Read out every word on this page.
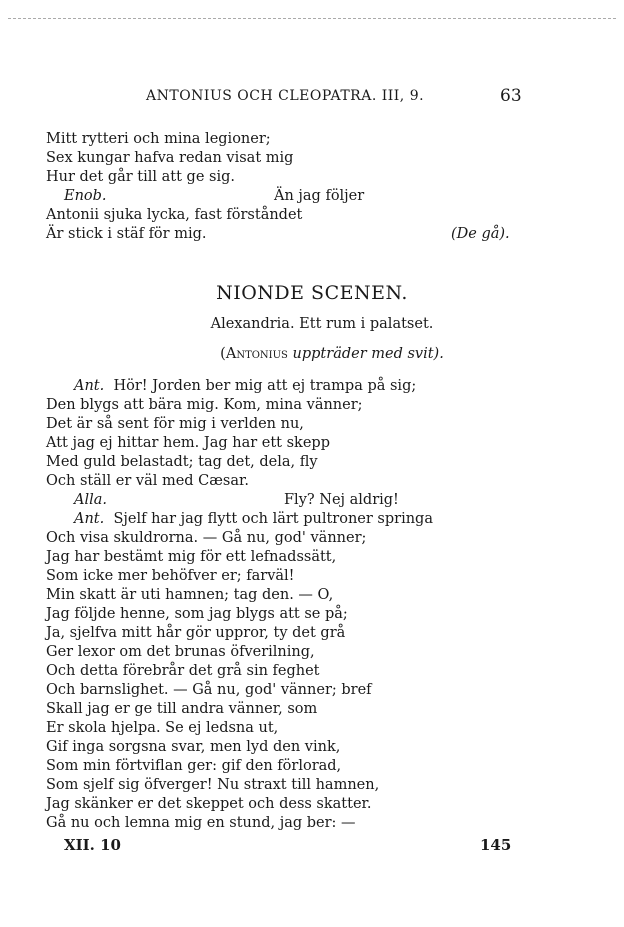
ANTONIUS OCH CLEOPATRA. III, 9.	63
Mitt rytteri och mina legioner;
Sex kungar hafva redan visat mig
Hur det går till att ge sig.
Enob.	Än jag följer
Antonii sjuka lycka, fast förståndet
Är stick i stäf för mig.	(De gå).
NIONDE SCENEN.
Alexandria. Ett rum i palatset.
(Antonius uppträder med svit).
Ant. Hör! Jorden ber mig att ej trampa på sig;
Den blygs att bära mig. Kom, mina vänner;
Det är så sent för mig i verlden nu,
Att jag ej hittar hem. Jag har ett skepp
Med guld belastadt; tag det, dela, fly
Och ställ er väl med Cæsar.
Alla.	Fly? Nej aldrig!
Ant. Sjelf har jag flytt och lärt pultroner springa
Och visa skuldrorna. — Gå nu, god' vänner;
Jag har bestämt mig för ett lefnadssätt,
Som icke mer behöfver er; farväl!
Min skatt är uti hamnen; tag den. — O,
Jag följde henne, som jag blygs att se på;
Ja, sjelfva mitt hår gör uppror, ty det grå
Ger lexor om det brunas öfverilning,
Och detta förebrår det grå sin feghet
Och barnslighet. — Gå nu, god' vänner; bref
Skall jag er ge till andra vänner, som
Er skola hjelpa. Se ej ledsna ut,
Gif inga sorgsna svar, men lyd den vink,
Som min förtviflan ger: gif den förlorad,
Som sjelf sig öfverger! Nu straxt till hamnen,
Jag skänker er det skeppet och dess skatter.
Gå nu och lemna mig en stund, jag ber: —
XII. 10	145
